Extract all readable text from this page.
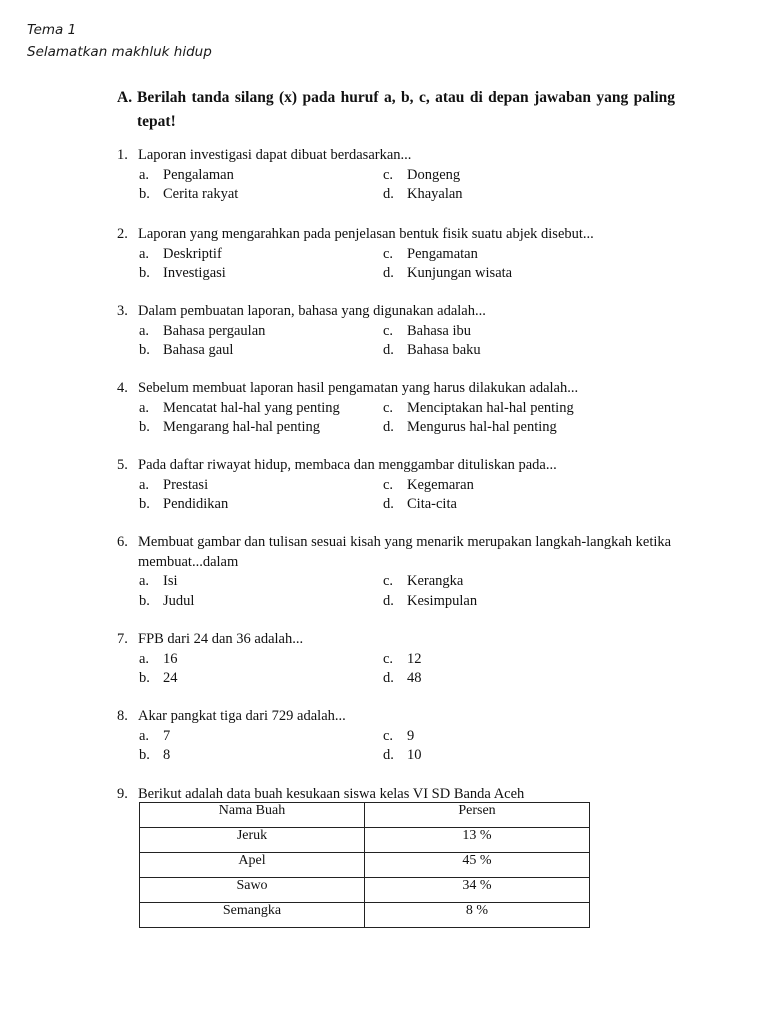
Tema 1
Selamatkan makhluk hidup
A. Berilah tanda silang (x) pada huruf a, b, c, atau di depan jawaban yang paling tepat!
1. Laporan investigasi dapat dibuat berdasarkan...
a. Pengalaman	c. Dongeng
b. Cerita rakyat	d. Khayalan
2. Laporan yang mengarahkan pada penjelasan bentuk fisik suatu abjek disebut...
a. Deskriptif	c. Pengamatan
b. Investigasi	d. Kunjungan wisata
3. Dalam pembuatan laporan, bahasa yang digunakan adalah...
a. Bahasa pergaulan	c. Bahasa ibu
b. Bahasa gaul	d. Bahasa baku
4. Sebelum membuat laporan hasil pengamatan yang harus dilakukan adalah...
a. Mencatat hal-hal yang penting	c. Menciptakan hal-hal penting
b. Mengarang hal-hal penting	d. Mengurus hal-hal penting
5. Pada daftar riwayat hidup, membaca dan menggambar dituliskan pada...
a. Prestasi	c. Kegemaran
b. Pendidikan	d. Cita-cita
6. Membuat gambar dan tulisan sesuai kisah yang menarik merupakan langkah-langkah ketika membuat...dalam
a. Isi	c. Kerangka
b. Judul	d. Kesimpulan
7. FPB dari 24 dan 36 adalah...
a. 16	c. 12
b. 24	d. 48
8. Akar pangkat tiga dari 729 adalah...
a. 7	c. 9
b. 8	d. 10
9. Berikut adalah data buah kesukaan siswa kelas VI SD Banda Aceh
Nama Buah	Persen
Jeruk	13 %
Apel	45 %
Sawo	34 %
Semangka	8 %
